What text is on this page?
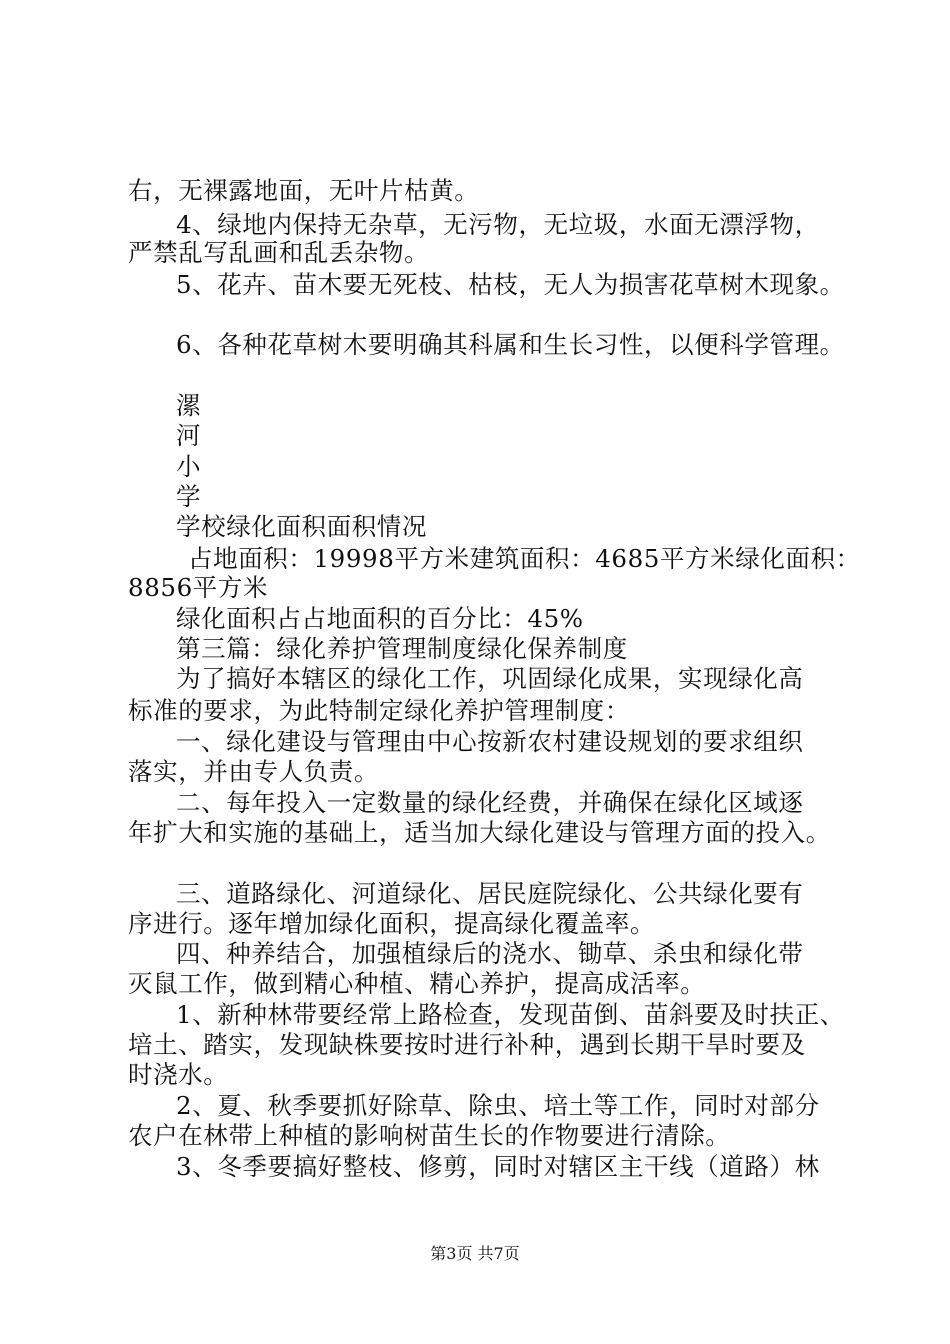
右，无裸露地面，无叶片枯黄。
4、绿地内保持无杂草，无污物，无垃圾，水面无漂浮物，
严禁乱写乱画和乱丢杂物。
5、花卉、苗木要无死枝、枯枝，无人为损害花草树木现象。
6、各种花草树木要明确其科属和生长习性，以便科学管理。
漯
河
小
学
学校绿化面积面积情况
占地面积：19998平方米建筑面积：4685平方米绿化面积：
8856平方米
绿化面积占占地面积的百分比：45%
第三篇：绿化养护管理制度绿化保养制度
为了搞好本辖区的绿化工作，巩固绿化成果，实现绿化高
标准的要求，为此特制定绿化养护管理制度：
一、绿化建设与管理由中心按新农村建设规划的要求组织
落实，并由专人负责。
二、每年投入一定数量的绿化经费，并确保在绿化区域逐
年扩大和实施的基础上，适当加大绿化建设与管理方面的投入。
三、道路绿化、河道绿化、居民庭院绿化、公共绿化要有
序进行。逐年增加绿化面积，提高绿化覆盖率。
四、种养结合，加强植绿后的浇水、锄草、杀虫和绿化带
灭鼠工作，做到精心种植、精心养护，提高成活率。
1、新种林带要经常上路检查，发现苗倒、苗斜要及时扶正、
培土、踏实，发现缺株要按时进行补种，遇到长期干旱时要及
时浇水。
2、夏、秋季要抓好除草、除虫、培土等工作，同时对部分
农户在林带上种植的影响树苗生长的作物要进行清除。
3、冬季要搞好整枝、修剪，同时对辖区主干线（道路）林
第3页 共7页
